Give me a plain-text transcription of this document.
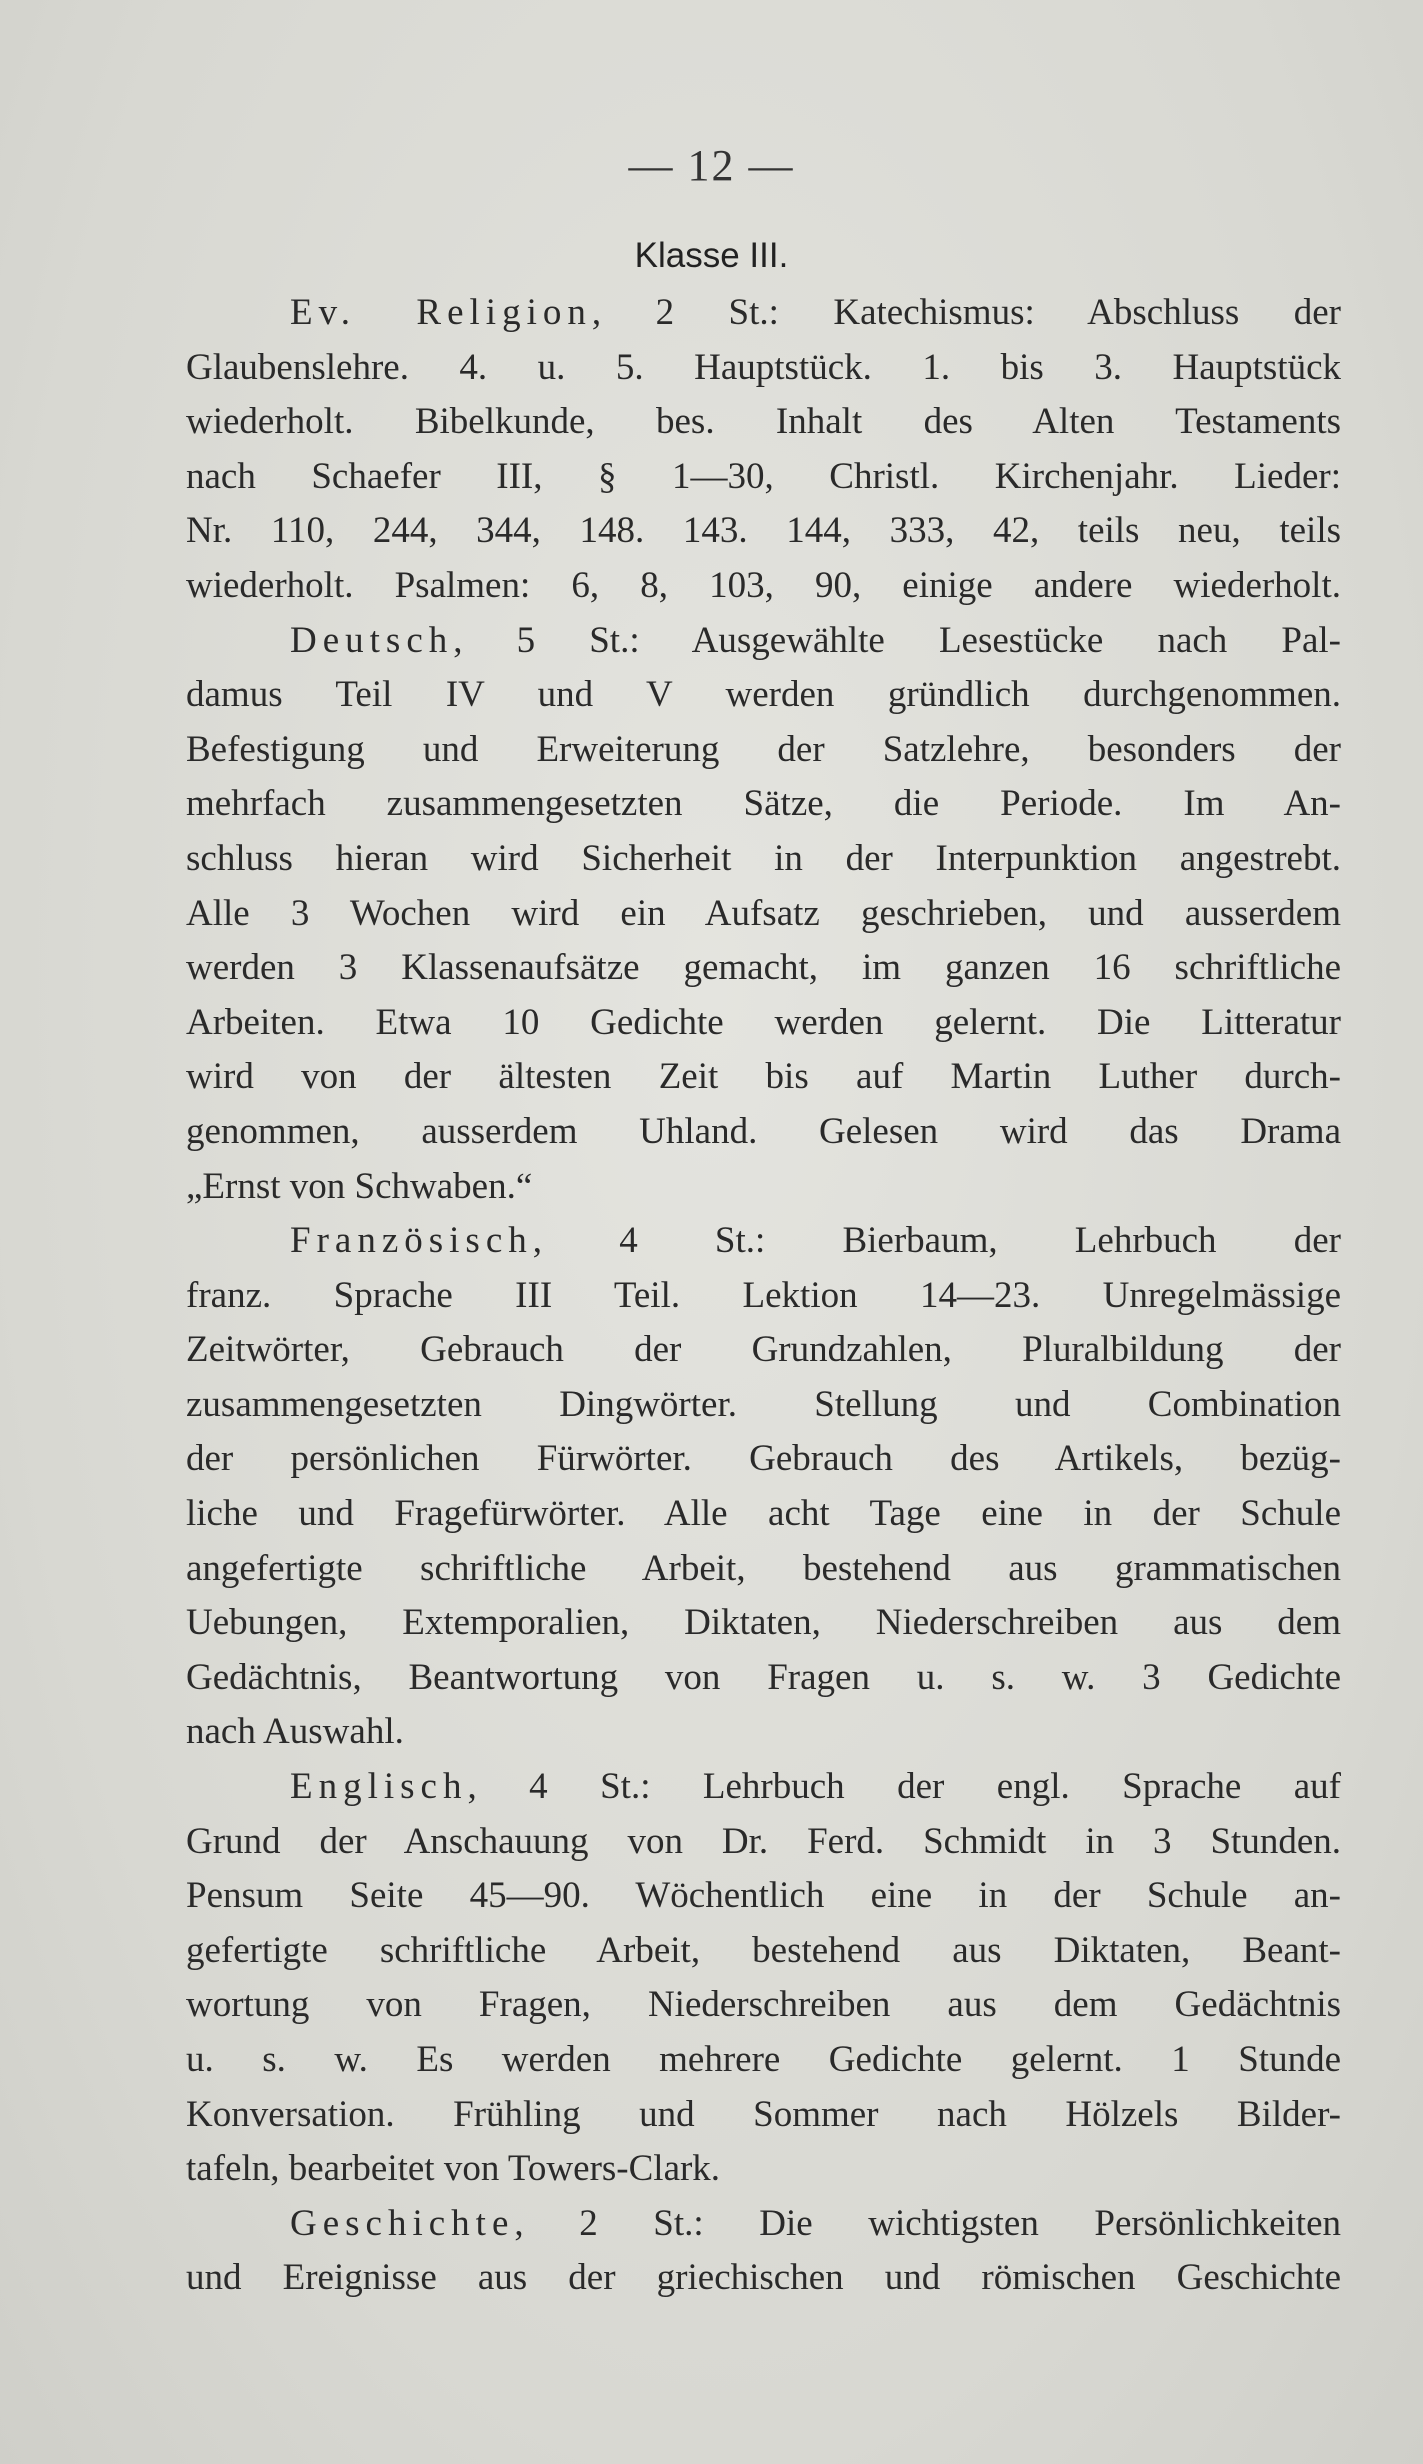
— 12 —
Klasse III.
Ev. Religion, 2 St.: Katechismus: Abschluss der
Glaubenslehre. 4. u. 5. Hauptstück. 1. bis 3. Hauptstück
wiederholt. Bibelkunde, bes. Inhalt des Alten Testaments
nach Schaefer III, § 1—30, Christl. Kirchenjahr. Lieder:
Nr. 110, 244, 344, 148. 143. 144, 333, 42, teils neu, teils
wiederholt. Psalmen: 6, 8, 103, 90, einige andere wiederholt.
Deutsch, 5 St.: Ausgewählte Lesestücke nach Pal-
damus Teil IV und V werden gründlich durchgenommen.
Befestigung und Erweiterung der Satzlehre, besonders der
mehrfach zusammengesetzten Sätze, die Periode. Im An-
schluss hieran wird Sicherheit in der Interpunktion angestrebt.
Alle 3 Wochen wird ein Aufsatz geschrieben, und ausserdem
werden 3 Klassenaufsätze gemacht, im ganzen 16 schriftliche
Arbeiten. Etwa 10 Gedichte werden gelernt. Die Litteratur
wird von der ältesten Zeit bis auf Martin Luther durch-
genommen, ausserdem Uhland. Gelesen wird das Drama
„Ernst von Schwaben.“
Französisch, 4 St.: Bierbaum, Lehrbuch der
franz. Sprache III Teil. Lektion 14—23. Unregelmässige
Zeitwörter, Gebrauch der Grundzahlen, Pluralbildung der
zusammengesetzten Dingwörter. Stellung und Combination
der persönlichen Fürwörter. Gebrauch des Artikels, bezüg-
liche und Fragefürwörter. Alle acht Tage eine in der Schule
angefertigte schriftliche Arbeit, bestehend aus grammatischen
Uebungen, Extemporalien, Diktaten, Niederschreiben aus dem
Gedächtnis, Beantwortung von Fragen u. s. w. 3 Gedichte
nach Auswahl.
Englisch, 4 St.: Lehrbuch der engl. Sprache auf
Grund der Anschauung von Dr. Ferd. Schmidt in 3 Stunden.
Pensum Seite 45—90. Wöchentlich eine in der Schule an-
gefertigte schriftliche Arbeit, bestehend aus Diktaten, Beant-
wortung von Fragen, Niederschreiben aus dem Gedächtnis
u. s. w. Es werden mehrere Gedichte gelernt. 1 Stunde
Konversation. Frühling und Sommer nach Hölzels Bilder-
tafeln, bearbeitet von Towers-Clark.
Geschichte, 2 St.: Die wichtigsten Persönlichkeiten
und Ereignisse aus der griechischen und römischen Geschichte
